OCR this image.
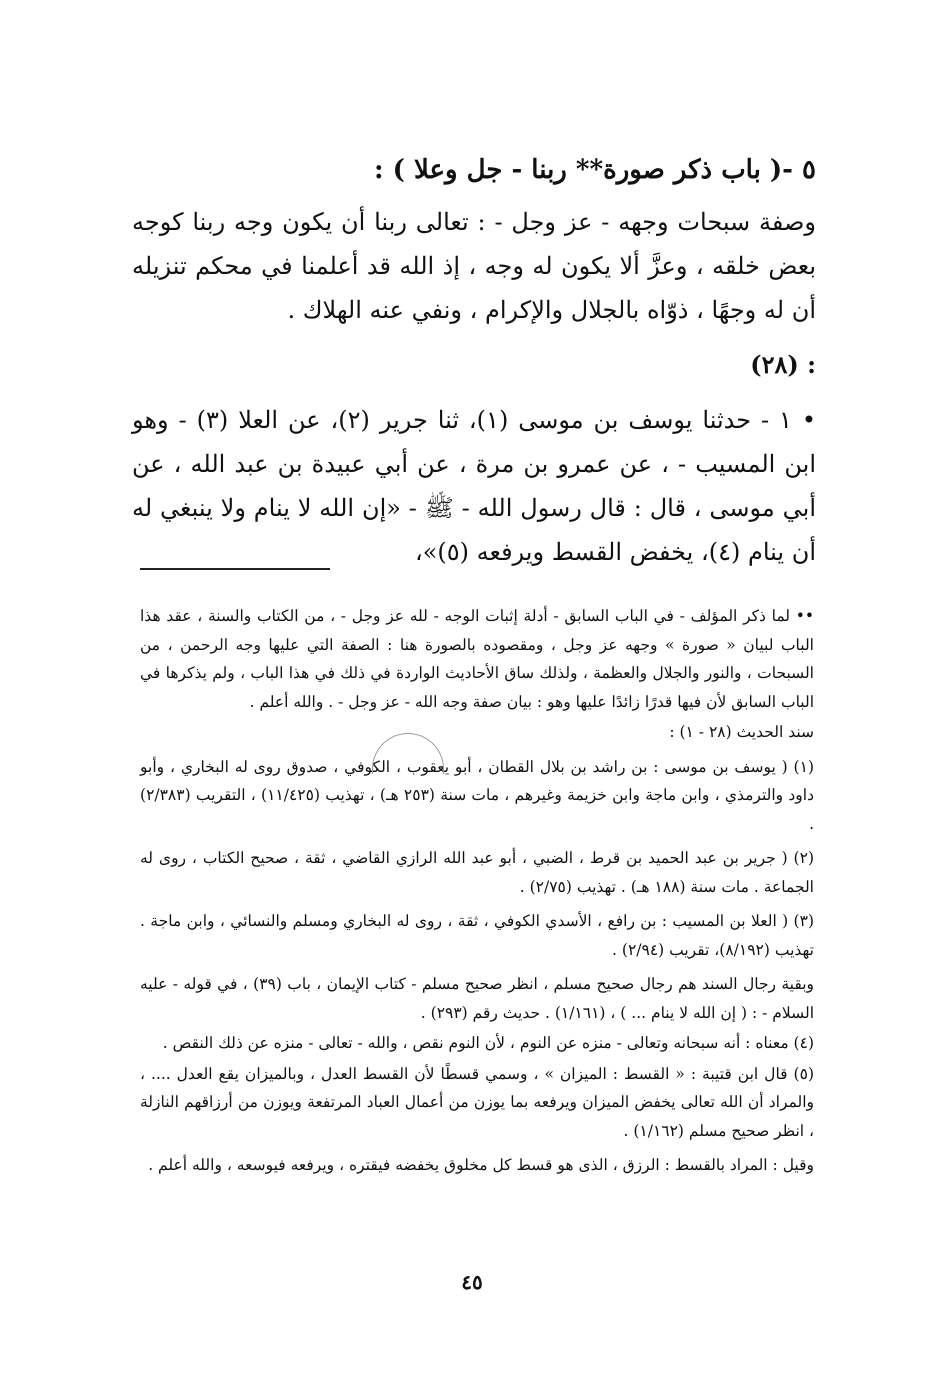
٥ -( باب ذكر صورة** ربنا - جل وعلا ) :
وصفة سبحات وجهه - عز وجل - : تعالى ربنا أن يكون وجه ربنا كوجه بعض خلقه ، وعزَّ ألا يكون له وجه ، إذ الله قد أعلمنا في محكم تنزيله أن له وجهًا ، ذوّاه بالجلال والإكرام ، ونفي عنه الهلاك .
: (٢٨)
• ١ - حدثنا يوسف بن موسى (١)، ثنا جرير (٢)، عن العلا (٣) - وهو ابن المسيب - ، عن عمرو بن مرة ، عن أبي عبيدة بن عبد الله ، عن أبي موسى ، قال : قال رسول الله - ﷺ - «إن الله لا ينام ولا ينبغي له أن ينام (٤)، يخفض القسط ويرفعه (٥)»،

•• لما ذكر المؤلف - في الباب السابق - أدلة إثبات الوجه - لله عز وجل - ، من الكتاب والسنة ، عقد هذا الباب لبيان « صورة » وجهه عز وجل ، ومقصوده بالصورة هنا : الصفة التي عليها وجه الرحمن ، من السبحات ، والنور والجلال والعظمة ، ولذلك ساق الأحاديث الواردة في ذلك في هذا الباب ، ولم يذكرها في الباب السابق لأن فيها قدرًا زائدًا عليها وهو : بيان صفة وجه الله - عز وجل - . والله أعلم .

سند الحديث (٢٨ - ١) :

(١) ( يوسف بن موسى : بن راشد بن بلال القطان ، أبو يعقوب ، الكوفي ، صدوق روى له البخاري ، وأبو داود والترمذي ، وابن ماجة وابن خزيمة وغيرهم ، مات سنة (٢٥٣ هـ) ، تهذيب (١١/٤٢٥) ، التقريب (٢/٣٨٣) .

(٢) ( جرير بن عبد الحميد بن قرط ، الضبي ، أبو عبد الله الرازي القاضي ، ثقة ، صحيح الكتاب ، روى له الجماعة . مات سنة (١٨٨ هـ) . تهذيب (٢/٧٥) .

(٣) ( العلا بن المسيب : بن رافع ، الأسدي الكوفي ، ثقة ، روى له البخاري ومسلم والنسائي ، وابن ماجة . تهذيب (٨/١٩٢)، تقريب (٢/٩٤) .

وبقية رجال السند هم رجال صحيح مسلم ، انظر صحيح مسلم - كتاب الإيمان ، باب (٣٩) ، في قوله - عليه السلام - : ( إن الله لا ينام ... ) ، (١/١٦١) . حديث رقم (٢٩٣) .

(٤) معناه : أنه سبحانه وتعالى - منزه عن النوم ، لأن النوم نقص ، والله - تعالى - منزه عن ذلك النقص .

(٥) قال ابن قتيبة : « القسط : الميزان » ، وسمي قسطًا لأن القسط العدل ، وبالميزان يقع العدل .... ، والمراد أن الله تعالى يخفض الميزان ويرفعه بما يوزن من أعمال العباد المرتفعة ويوزن من أرزاقهم النازلة ، انظر صحيح مسلم (١/١٦٢) .

وقيل : المراد بالقسط : الرزق ، الذى هو قسط كل مخلوق يخفضه فيقتره ، ويرفعه فيوسعه ، والله أعلم .

٤٥
